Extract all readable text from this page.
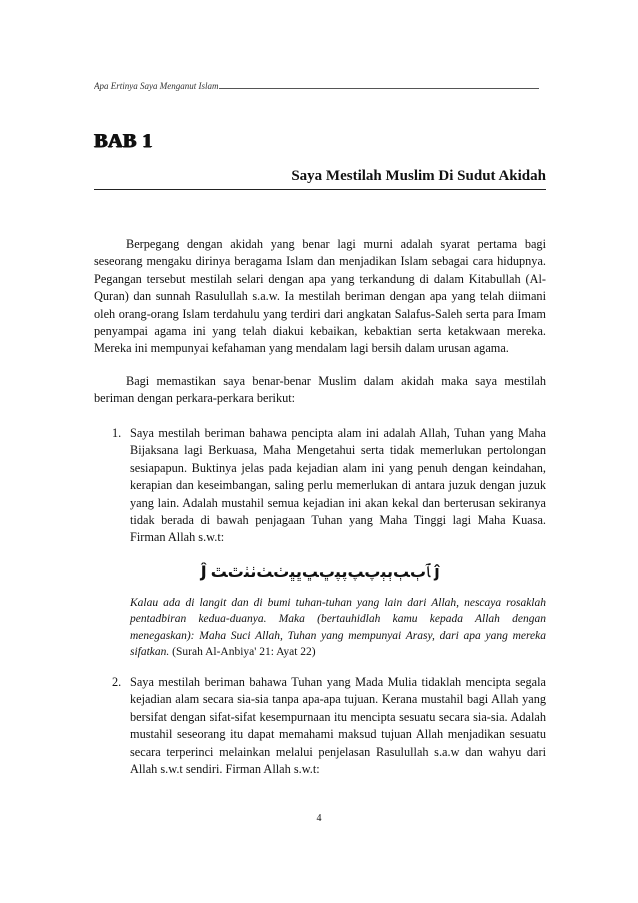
Apa Ertinya Saya Menganut Islam
BAB 1
Saya Mestilah Muslim Di Sudut Akidah

Berpegang dengan akidah yang benar lagi murni adalah syarat pertama bagi seseorang mengaku dirinya beragama Islam dan menjadikan Islam sebagai cara hidupnya. Pegangan tersebut mestilah selari dengan apa yang terkandung di dalam Kitabullah (Al-Quran) dan sunnah Rasulullah s.a.w. Ia mestilah beriman dengan apa yang telah diimani oleh orang-orang Islam terdahulu yang terdiri dari angkatan Salafus-Saleh serta para Imam penyampai agama ini yang telah diakui kebaikan, kebaktian serta ketakwaan mereka. Mereka ini mempunyai kefahaman yang mendalam lagi bersih dalam urusan agama.

Bagi memastikan saya benar-benar Muslim dalam akidah maka saya mestilah beriman dengan perkara-perkara berikut:

1. Saya mestilah beriman bahawa pencipta alam ini adalah Allah, Tuhan yang Maha Bijaksana lagi Berkuasa, Maha Mengetahui serta tidak memerlukan pertolongan sesiapapun. Buktinya jelas pada kejadian alam ini yang penuh dengan keindahan, kerapian dan keseimbangan, saling perlu memerlukan di antara juzuk dengan juzuk yang lain. Adalah mustahil semua kejadian ini akan kekal dan berterusan sekiranya tidak berada di bawah penjagaan Tuhan yang Maha Tinggi lagi Maha Kuasa. Firman Allah s.w.t:
ĵ ﭑﭒﭓﭔﭕﭖﭗﭘﭙﭚﭛﭜﭝﭞﭟﭠﭡﭢﭣ Ĵ

Kalau ada di langit dan di bumi tuhan-tuhan yang lain dari Allah, nescaya rosaklah pentadbiran kedua-duanya. Maka (bertauhidlah kamu kepada Allah dengan menegaskan): Maha Suci Allah, Tuhan yang mempunyai Arasy, dari apa yang mereka sifatkan. (Surah Al-Anbiya' 21: Ayat 22)

2. Saya mestilah beriman bahawa Tuhan yang Mada Mulia tidaklah mencipta segala kejadian alam secara sia-sia tanpa apa-apa tujuan. Kerana mustahil bagi Allah yang bersifat dengan sifat-sifat kesempurnaan itu mencipta sesuatu secara sia-sia. Adalah mustahil seseorang itu dapat memahami maksud tujuan Allah menjadikan sesuatu secara terperinci melainkan melalui penjelasan Rasulullah s.a.w dan wahyu dari Allah s.w.t sendiri. Firman Allah s.w.t:
4
